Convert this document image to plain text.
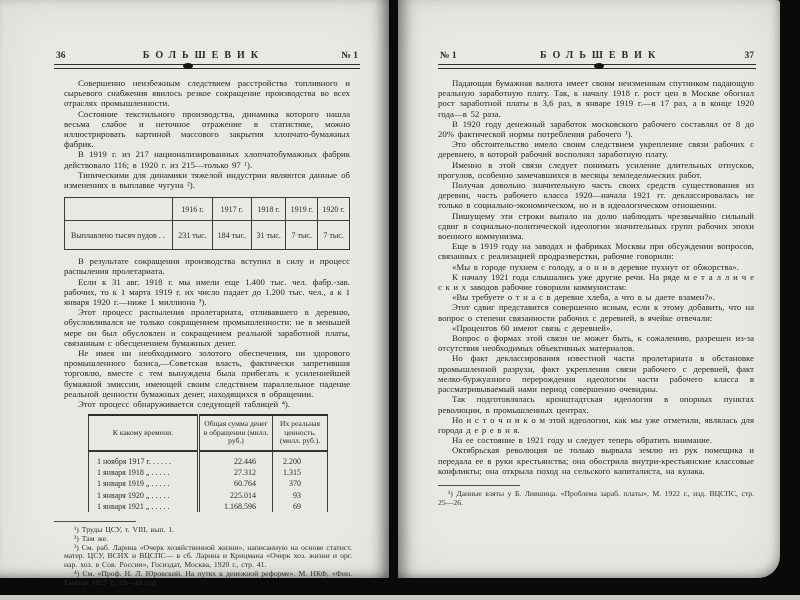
36	БОЛЬШЕВИК	№ 1

Совершенно неизбежным следствием расстройства топливного и сырьевого снабжения явилось резкое сокращение производства во всех отраслях промышленности.

Состояние текстильного производства, динамика которого нашла весьма слабое и неточное отражение в статистике, можно иллюстрировать картиной массового закрытия хлопчато-бумажных фабрик.

В 1919 г. из 217 национализированных хлопчатобумажных фабрик действовало 116; в 1920 г. из 215—только 97 ¹).

Типическими для динамики тяжелой индустрии являются данные об изменениях в выплавке чугуна ²).

	1916 г.	1917 г.	1918 г.	1919 г.	1920 г.
Выплавлено тысяч пудов . .	231 тыс.	184 тыс.	31 тыс.	7 тыс.	7 тыс.

В результате сокращения производства вступил в силу и процесс распыления пролетариата.

Если к 31 авг. 1918 г. мы имели еще 1.400 тыс. чел. фабр.-зав. рабочих, то к 1 марта 1919 г. их число падает до 1.200 тыс. чел., а к 1 января 1920 г.—ниже 1 миллиона ³).

Этот процесс распыления пролетариата, отливавшего в деревню, обусловливался не только сокращением промышленности: не в меньшей мере он был обусловлен и сокращением реальной заработной платы, связанным с обесценением бумажных денег.

Не имея ни необходимого золотого обеспечения, ни здорового промышленного базиса,—Советская власть, фактически запретившая торговлю, вместе с тем вынуждена была прибегать к усиленнейшей бумажной эмиссии, имеющей своим следствием параллельное падение реальной ценности бумажных денег, находящихся в обращении.

Этот процесс обнаруживается следующей таблицей ⁴).

К какому времени.	Общая сумма денег в обращении (милл. руб.)	Их реальная ценность. (милл. руб.).
1 ноября 1917 г. . . . . .	22.446	2.200
1 января 1918 „ . . . . .	27.312	1.315
1 января 1919 „ . . . . .	60.764	370
1 января 1920 „ . . . . .	225.014	93
1 января 1921 „ . . . . .	1.168.596	69

¹) Труды ЦСУ, т. VIII, вып. 1.

²) Там же.

³) См. раб. Ларина «Очерк хозяйственной жизни», написанную на основе статист. матер. ЦСУ, ВСНХ и ВЦСПС— в сб. Ларина и Крицмана «Очерк хоз. жизни и орг. нар. хоз. в Сов. России», Госиздат, Москва, 1920 г., стр. 41.

⁴) См. «Проф. Н. Л. Юровский. На путях к денежной реформе». М. НКФ, «Фин. Газета» 1927 г., 19—21 стр.

№ 1	БОЛЬШЕВИК	37

Падающая бумажная валюта имеет своим неизменным спутником падающую реальную заработную плату. Так, к началу 1918 г. рост цен в Москве обогнал рост заработной платы в 3,6 раз, в январе 1919 г.—в 17 раз, а в конце 1920 года—в 52 раза.

В 1920 году денежный заработок московского рабочего составлял от 8 до 20% фактической нормы потребления рабочего ¹).

Это обстоятельство имело своим следствием укрепление связи рабочих с деревнею, в которой рабочий восполнял заработную плату.

Именно в этой связи следует понимать усиление длительных отпусков, прогулов, особенно замечавшихся в месяцы земледельческих работ.

Получая довольно значительную часть своих средств существования из деревни, часть рабочего класса 1920—начала 1921 гг. деклассировалась не только в социально-экономическом, но и в идеологическом отношении.

Пишущему эти строки выпало на долю наблюдать чрезвычайно сильный сдвиг в социально-политической идеологии значительных групп рабочих эпохи военного коммунизма.

Еще в 1919 году на заводах и фабриках Москвы при обсуждении вопросов, связанных с реализацией продразверстки, рабочие говорили:

«Мы в городе пухнем с голоду, а о н и в деревне пухнут от обжорства».

К началу 1921 года слышались уже другие речи. На ряде м е т а л л и ч е с к и х заводов рабочие говорили коммунистам:

«Вы требуете о т н а с в деревне хлеба, а что в ы даете взамен?».

Этот сдвиг представится совершенно ясным, если к этому добавить, что на вопрос о степени связанности рабочих с деревней, в ячейке отвечали:

«Процентов 60 имеют связь с деревней».

Вопрос о формах этой связи не может быть, к сожалению, разрешен из-за отсутствия необходимых объективных материалов.

Но факт деклассирования известной части пролетариата в обстановке промышленной разрухи, факт укрепления связи рабочего с деревней, факт мелко-буржуазного перерождения идеологии части рабочего класса в рассматривываемый нами период совершенно очевидны.

Так подготовлялась кронштадтская идеология в опорных пунктах революции, в промышленных центрах.

Но и с т о ч н и к о м этой идеологии, как мы уже отметили, являлась для города д е р е в н я.

На ее состояние в 1921 году и следует теперь обратить внимание.

Октябрьская революция не только вырвала землю из рук помещика и передала ее в руки крестьянства; она обострила внутри-крестьянские классовые конфликты; она открыла поход на сельского капиталиста, на кулака.

¹) Данные взяты у Б. Лившица. «Проблема зараб. платы», М. 1922 г., изд. ВЦСПС, стр. 25—26.
